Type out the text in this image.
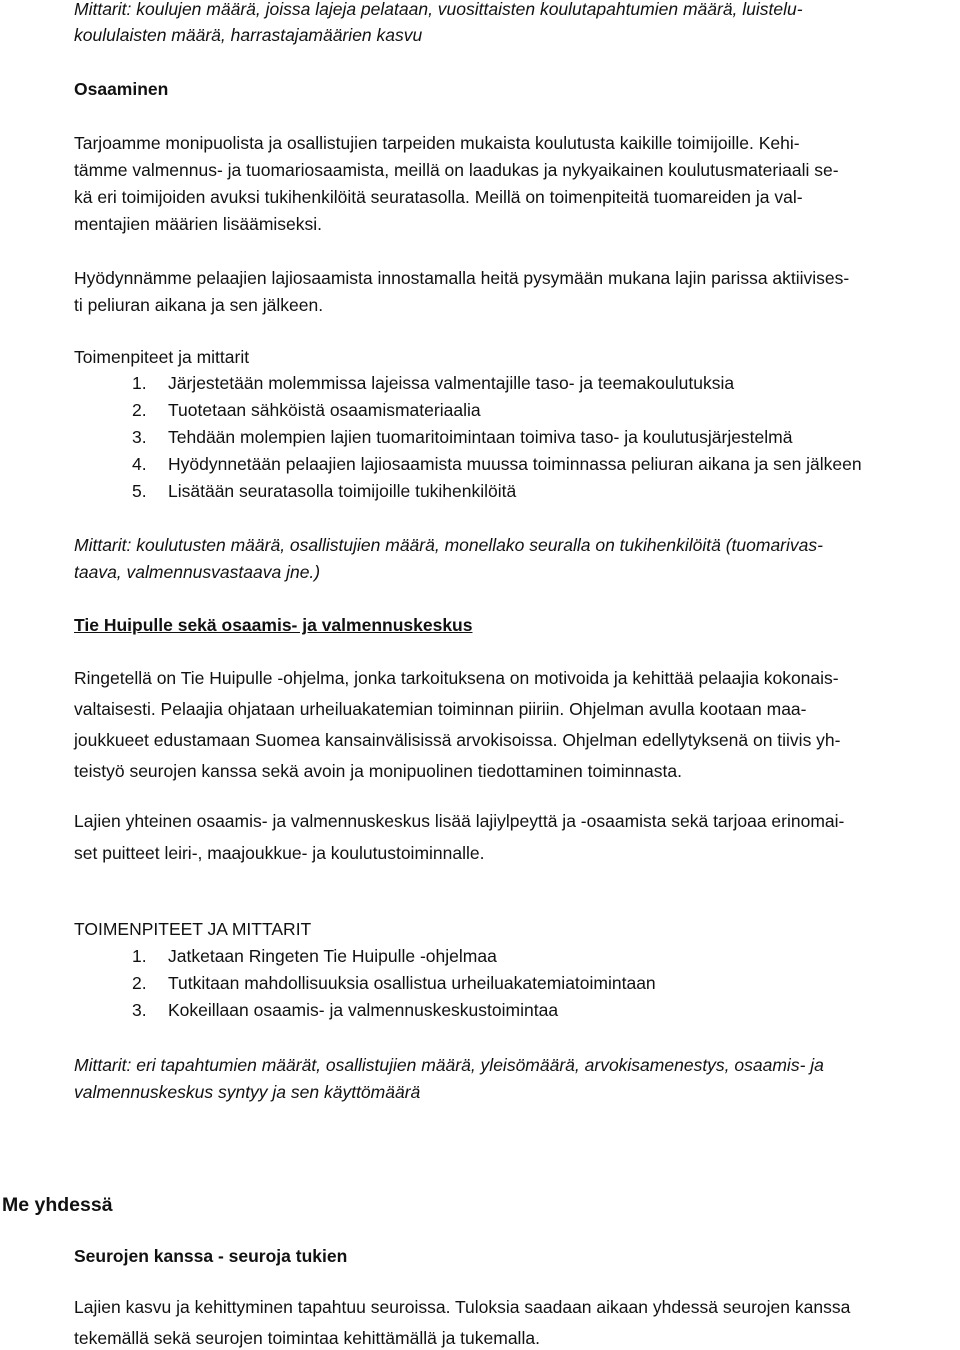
Mittarit: koulujen määrä, joissa lajeja pelataan, vuosittaisten koulutapahtumien määrä, luistelu-
koululaisten määrä, harrastajamäärien kasvu
Osaaminen
Tarjoamme monipuolista ja osallistujien tarpeiden mukaista koulutusta kaikille toimijoille. Kehi-
tämme valmennus- ja tuomariosaamista, meillä on laadukas ja nykyaikainen koulutusmateriaali se-
kä eri toimijoiden avuksi tukihenkilöitä seuratasolla. Meillä on toimenpiteitä tuomareiden ja val-
mentajien määrien lisäämiseksi.
Hyödynnämme pelaajien lajiosaamista innostamalla heitä pysymään mukana lajin parissa aktiivises-
ti peliuran aikana ja sen jälkeen.
Toimenpiteet ja mittarit
1. Järjestetään molemmissa lajeissa valmentajille taso- ja teemakoulutuksia
2. Tuotetaan sähköistä osaamismateriaalia
3. Tehdään molempien lajien tuomaritoimintaan toimiva taso- ja koulutusjärjestelmä
4. Hyödynnetään pelaajien lajiosaamista muussa toiminnassa peliuran aikana ja sen jälkeen
5. Lisätään seuratasolla toimijoille tukihenkilöitä
Mittarit: koulutusten määrä, osallistujien määrä, monellako seuralla on tukihenkilöitä (tuomarivas-
taava, valmennusvastaava jne.)
Tie Huipulle sekä osaamis- ja valmennuskeskus
Ringetellä on Tie Huipulle -ohjelma, jonka tarkoituksena on motivoida ja kehittää pelaajia kokonais-
valtaisesti. Pelaajia ohjataan urheiluakatemian toiminnan piiriin. Ohjelman avulla kootaan maa-
joukkueet edustamaan Suomea kansainvälisissä arvokisoissa. Ohjelman edellytyksenä on tiivis yh-
teistyö seurojen kanssa sekä avoin ja monipuolinen tiedottaminen toiminnasta.
Lajien yhteinen osaamis- ja valmennuskeskus lisää lajiylpeyttä ja -osaamista sekä tarjoaa erinomai-
set puitteet leiri-, maajoukkue- ja koulutustoiminnalle.
TOIMENPITEET JA MITTARIT
1. Jatketaan Ringeten Tie Huipulle -ohjelmaa
2. Tutkitaan mahdollisuuksia osallistua urheiluakatemiatoimintaan
3. Kokeillaan osaamis- ja valmennuskeskustoimintaa
Mittarit: eri tapahtumien määrät, osallistujien määrä, yleisömäärä, arvokisamenestys, osaamis- ja
valmennuskeskus syntyy ja sen käyttömäärä
Me yhdessä
Seurojen kanssa - seuroja tukien
Lajien kasvu ja kehittyminen tapahtuu seuroissa. Tuloksia saadaan aikaan yhdessä seurojen kanssa
tekemällä sekä seurojen toimintaa kehittämällä ja tukemalla.
